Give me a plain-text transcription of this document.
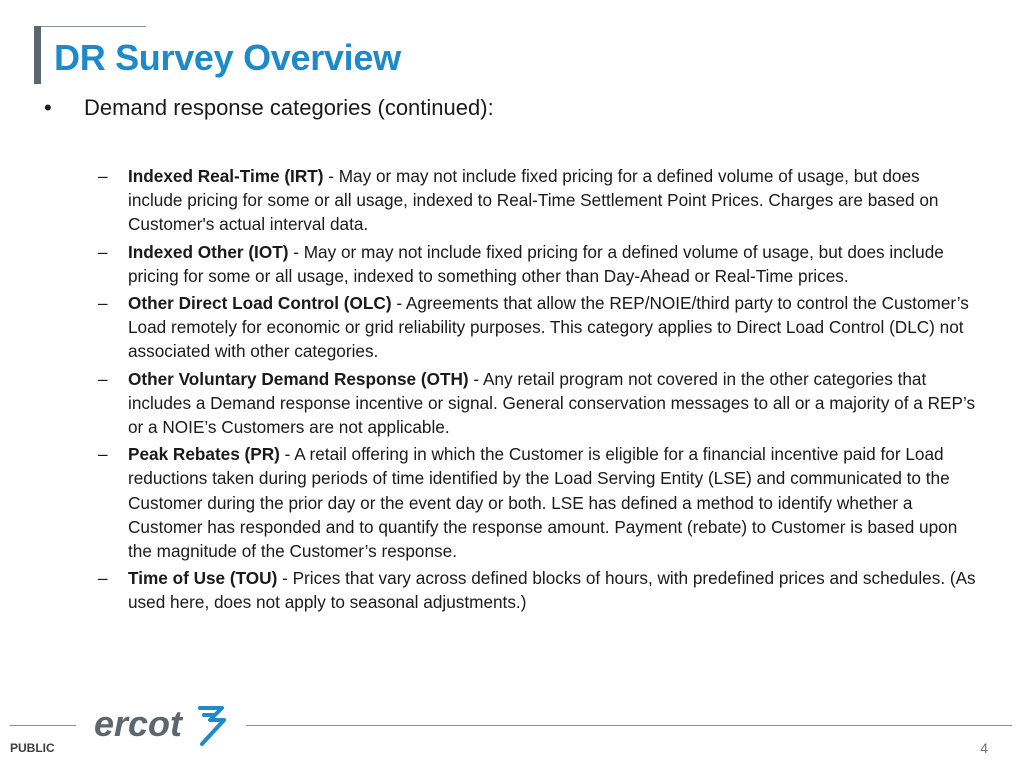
DR Survey Overview
• Demand response categories (continued):
– Indexed Real-Time (IRT) - May or may not include fixed pricing for a defined volume of usage, but does include pricing for some or all usage, indexed to Real-Time Settlement Point Prices. Charges are based on Customer's actual interval data.
– Indexed Other (IOT) - May or may not include fixed pricing for a defined volume of usage, but does include pricing for some or all usage, indexed to something other than Day-Ahead or Real-Time prices.
– Other Direct Load Control (OLC) - Agreements that allow the REP/NOIE/third party to control the Customer’s Load remotely for economic or grid reliability purposes. This category applies to Direct Load Control (DLC) not associated with other categories.
– Other Voluntary Demand Response (OTH) - Any retail program not covered in the other categories that includes a Demand response incentive or signal. General conservation messages to all or a majority of a REP’s or a NOIE’s Customers are not applicable.
– Peak Rebates (PR) - A retail offering in which the Customer is eligible for a financial incentive paid for Load reductions taken during periods of time identified by the Load Serving Entity (LSE) and communicated to the Customer during the prior day or the event day or both. LSE has defined a method to identify whether a Customer has responded and to quantify the response amount. Payment (rebate) to Customer is based upon the magnitude of the Customer’s response.
– Time of Use (TOU) - Prices that vary across defined blocks of hours, with predefined prices and schedules. (As used here, does not apply to seasonal adjustments.)
ercot
PUBLIC	4
